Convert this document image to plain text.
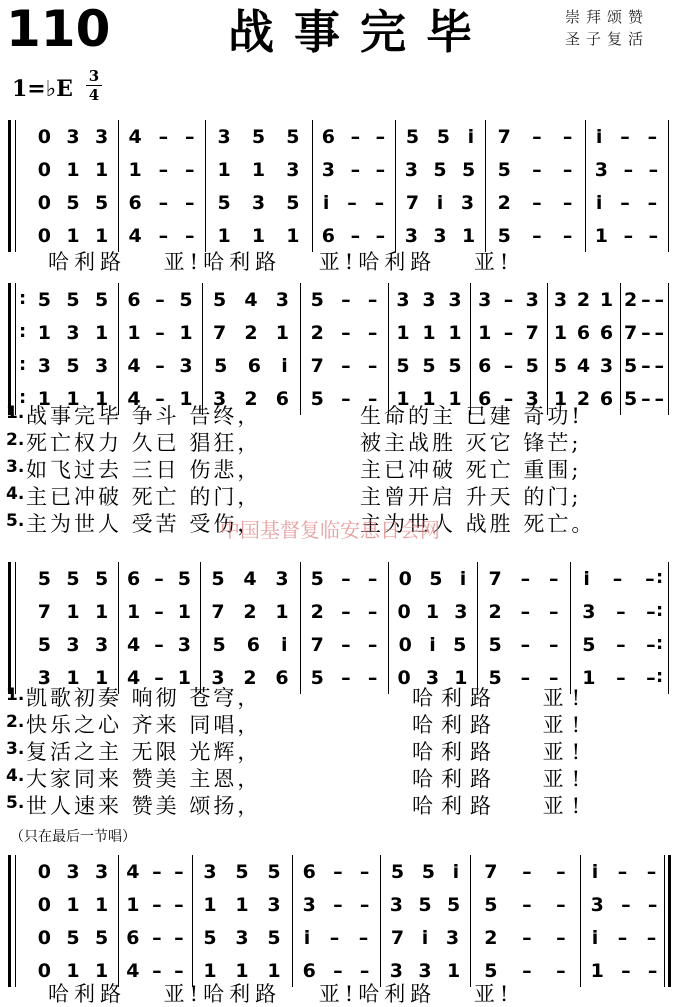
110	战事完毕	崇拜颂赞
圣子复活
1=♭E 3
4
0 3 3 4 – – 3 5 5 6 – – 5 5 i 7 – – i – –
0 1 1 1 – – 1 1 3 3 – – 3 5 5 5 – – 3 – –
0 5 5 6 – – 5 3 5 i – – 7 i 3 2 – – i – –
0 1 1 4 – – 1 1 1 6 – – 3 3 1 5 – – 1 – –
哈利路　 亚!哈利路　 亚!哈利路　 亚!
: 5 5 5 6 – 5 5 4 3 5 – – 3 3 3 3 – 3 3 2 1 2 – –
: 1 3 1 1 – 1 7 2 1 2 – – 1 1 1 1 – 7 1 6 6 7 – –
: 3 5 3 4 – 3 5 6 i 7 – – 5 5 5 6 – 5 5 4 3 5 – –
: 1 1 1 4 – 1 3 2 6 5 – – 1 1 1 6 – 3 1 2 6 5 – –
1. 战事完毕 争斗 告终，	生命的主 已建 奇功!
2. 死亡权力 久已 猖狂，	被主战胜 灭它 锋芒;
3. 如飞过去 三日 伤悲，	主已冲破 死亡 重围;
4. 主已冲破 死亡 的门，	主曾开启 升天 的门;
5. 主为世人 受苦 受伤，	主为世人 战胜 死亡。
:
5 5 5 6 – 5 5 4 3 5 – – 0 5 i 7 – – i – –
:
7 1 1 1 – 1 7 2 1 2 – – 0 1 3 2 – – 3 – –
:
5 3 3 4 – 3 5 6 i 7 – – 0 i 5 5 – – 5 – –
:
3 1 1 4 – 1 3 2 6 5 – – 0 3 1 5 – – 1 – –
1. 凯歌初奏 响彻 苍穹，	哈利路　 亚!
2. 快乐之心 齐来 同唱，	哈利路　 亚!
3. 复活之主 无限 光辉，	哈利路　 亚!
4. 大家同来 赞美 主恩，	哈利路　 亚!
5. 世人速来 赞美 颂扬，	哈利路　 亚!
0 3 3 4 – – 3 5 5 6 – – 5 5 i 7 – – i – –
0 1 1 1 – – 1 1 3 3 – – 3 5 5 5 – – 3 – –
0 5 5 6 – – 5 3 5 i – – 7 i 3 2 – – i – –
0 1 1 4 – – 1 1 1 6 – – 3 3 1 5 – – 1 – –
哈利路　 亚!哈利路　 亚!哈利路　 亚!
（只在最后一节唱）
中国基督复临安息日会网
